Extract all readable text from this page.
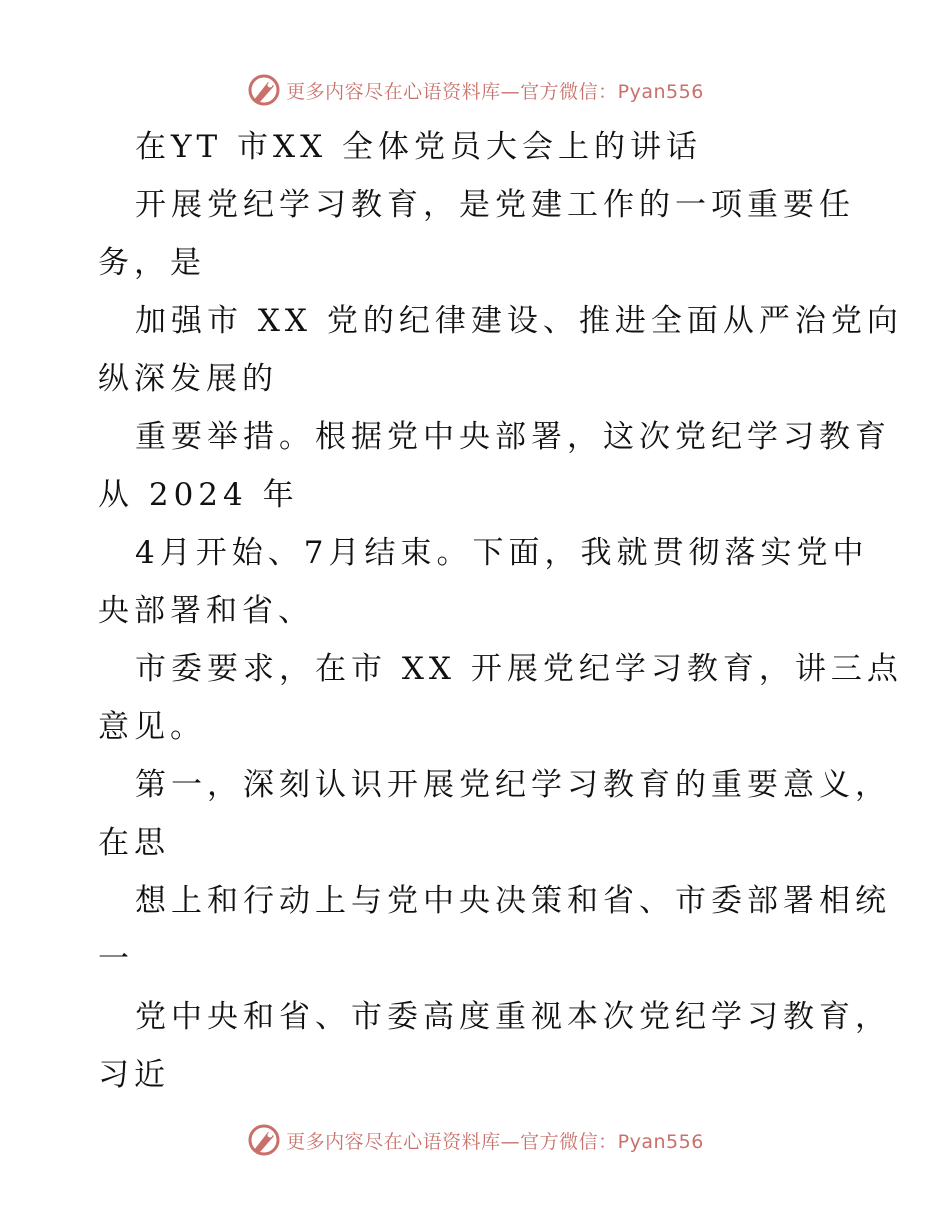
更多内容尽在心语资料库—官方微信：Pyan556
在YT 市XX 全体党员大会上的讲话
开展党纪学习教育，是党建工作的一项重要任
务，是
加强市 XX 党的纪律建设、推进全面从严治党向
纵深发展的
重要举措。根据党中央部署，这次党纪学习教育
从 2024 年
4月开始、7月结束。下面，我就贯彻落实党中
央部署和省、
市委要求，在市 XX 开展党纪学习教育，讲三点
意见。
第一，深刻认识开展党纪学习教育的重要意义，
在思
想上和行动上与党中央决策和省、市委部署相统
一
党中央和省、市委高度重视本次党纪学习教育，
习近
更多内容尽在心语资料库—官方微信：Pyan556
